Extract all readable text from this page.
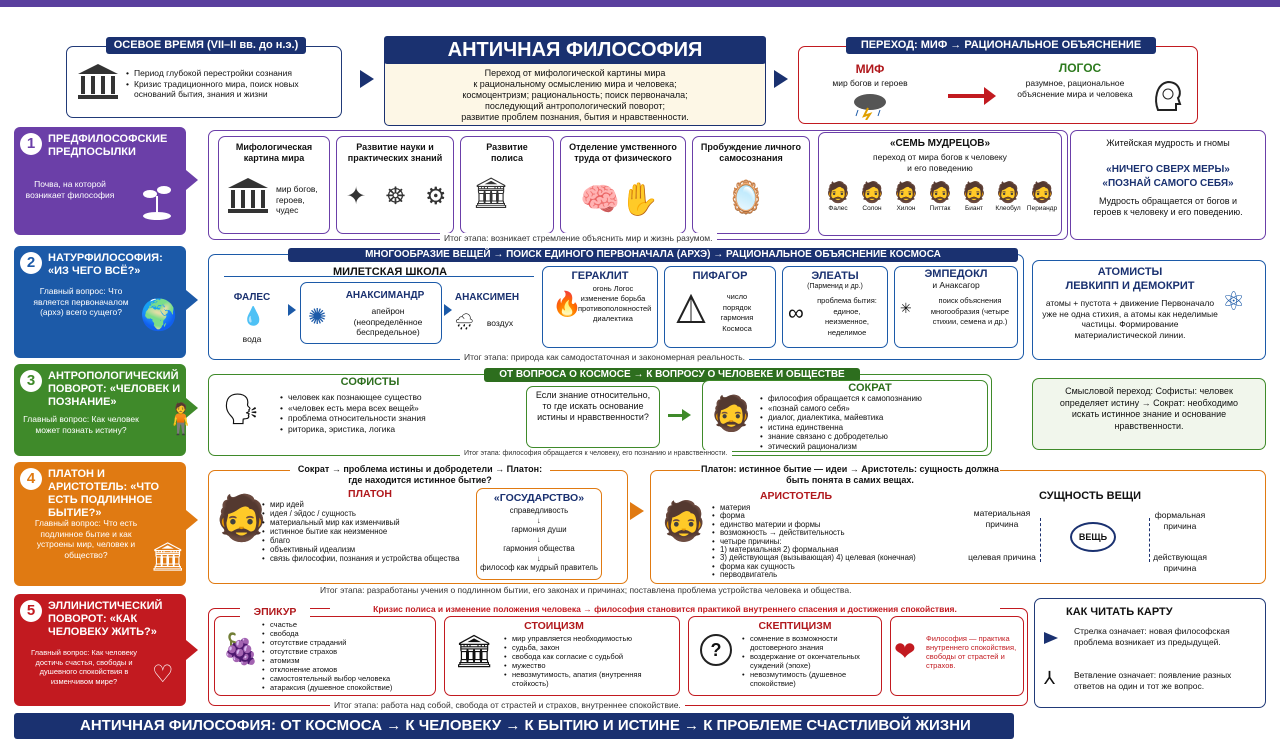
ОСЕВОЕ ВРЕМЯ (VII–II вв. до н.э.)
• Период глубокой перестройки сознания
• Кризис традиционного мира, поиск новых оснований бытия, знания и жизни
АНТИЧНАЯ ФИЛОСОФИЯ
Переход от мифологической картины мира
к рациональному осмыслению мира и человека;
космоцентризм; рациональность; поиск первоначала;
последующий антропологический поворот;
развитие проблем познания, бытия и нравственности.
ПЕРЕХОД: МИФ → РАЦИОНАЛЬНОЕ ОБЪЯСНЕНИЕ
МИФ
мир богов и героев
ЛОГОС
разумное, рациональное объяснение мира и человека
1	ПРЕДФИЛОСОФСКИЕ ПРЕДПОСЫЛКИ
Почва, на которой возникает философия
Мифологическая картина мира
мир богов, героев, чудес
Развитие науки и практических знаний
✦ ☸ ⚙
Развитие полиса
🏛
Отделение умственного труда от физического
🧠✋
Пробуждение личного самосознания
🪞
«СЕМЬ МУДРЕЦОВ»
переход от мира богов к человеку и его поведению
🧔
Фалес
🧔
Солон
🧔
Хилон
🧔
Питтак
🧔
Биант
🧔
Клеобул
🧔
Периандр
Житейская мудрость и гномы
«НИЧЕГО СВЕРХ МЕРЫ»
«ПОЗНАЙ САМОГО СЕБЯ»
Мудрость обращается от богов и героев к человеку и его поведению.
Итог этапа: возникает стремление объяснить мир и жизнь разумом.
2	НАТУРФИЛОСОФИЯ: «ИЗ ЧЕГО ВСЁ?»
Главный вопрос: Что является первоначалом (архэ) всего сущего? 🌍
МНОГООБРАЗИЕ ВЕЩЕЙ → ПОИСК ЕДИНОГО ПЕРВОНАЧАЛА (АРХЭ) → РАЦИОНАЛЬНОЕ ОБЪЯСНЕНИЕ КОСМОСА
МИЛЕТСКАЯ ШКОЛА
ФАЛЕС
💧
вода
АНАКСИМАНДР
✺	апейрон (неопределённое беспредельное)
АНАКСИМЕН
🌧	воздух
ГЕРАКЛИТ
🔥
огонь Логос изменение борьба противоположностей диалектика
ПИФАГОР
число порядок гармония Космоса
ЭЛЕАТЫ
(Парменид и др.)
∞	проблема бытия: единое, неизменное, неделимое
ЭМПЕДОКЛ
и Анаксагор
✳	поиск объяснения многообразия (четыре стихии, семена и др.)
АТОМИСТЫ
ЛЕВКИПП И ДЕМОКРИТ
атомы + пустота + движение Первоначало уже не одна стихия, а атомы как неделимые частицы. Формирование материалистической линии.
⚛
Итог этапа: природа как самодостаточная и закономерная реальность.
3	АНТРОПОЛОГИЧЕСКИЙ ПОВОРОТ: «ЧЕЛОВЕК И ПОЗНАНИЕ»
Главный вопрос: Как человек может познать истину?	🧍
ОТ ВОПРОСА О КОСМОСЕ → К ВОПРОСУ О ЧЕЛОВЕКЕ И ОБЩЕСТВЕ
🗣
СОФИСТЫ
• человек как познающее существо
• «человек есть мера всех вещей»
• проблема относительности знания
• риторика, эристика, логика
Если знание относительно, то где искать основание истины и нравственности?
СОКРАТ
🧔	• философия обращается к самопознанию
• «познай самого себя»
• диалог, диалектика, майевтика
• истина единственна
• знание связано с добродетелью
• этический рационализм
Смысловой переход: Софисты: человек определяет истину → Сократ: необходимо искать истинное знание и основание нравственности.
Итог этапа: философия обращается к человеку, его познанию и нравственности.
4	ПЛАТОН И АРИСТОТЕЛЬ: «ЧТО ЕСТЬ ПОДЛИННОЕ БЫТИЕ?»
Главный вопрос: Что есть подлинное бытие и как устроены мир, человек и общество?	🏛
Сократ → проблема истины и добродетели → Платон: где находится истинное бытие?
🧔	ПЛАТОН
• мир идей
• идея / эйдос / сущность
• материальный мир как изменчивый
• истинное бытие как неизменное
• благо
• объективный идеализм
• связь философии, познания и устройства общества
«ГОСУДАРСТВО»
справедливость
↓
гармония души
↓
гармония общества
↓
философ как мудрый правитель
Платон: истинное бытие — идеи → Аристотель: сущность должна быть понята в самих вещах.
🧔
АРИСТОТЕЛЬ
• материя
• форма
• единство материи и формы
• возможность → действительность
• четыре причины:
• 1) материальная 2) формальная
• 3) действующая (вызывающая) 4) целевая (конечная)
• форма как сущность
• перводвигатель
СУЩНОСТЬ ВЕЩИ
ВЕЩЬ
материальная причина
формальная причина
целевая причина	действующая причина
Итог этапа: разработаны учения о подлинном бытии, его законах и причинах; поставлена проблема устройства человека и общества.
5	ЭЛЛИНИСТИЧЕСКИЙ ПОВОРОТ: «КАК ЧЕЛОВЕКУ ЖИТЬ?»
Главный вопрос: Как человеку достичь счастья, свободы и душевного спокойствия в изменчивом мире?	♡
Кризис полиса и изменение положения человека → философия становится практикой внутреннего спасения и достижения спокойствия.
ЭПИКУР
🍇
• счастье
• свобода
• отсутствие страданий
• отсутствие страхов
• атомизм
• отклонение атомов
• самостоятельный выбор человека
• атараксия (душевное спокойствие)
СТОИЦИЗМ
🏛	• мир управляется необходимостью
• судьба, закон
• свобода как согласие с судьбой
• мужество
• невозмутимость, апатия (внутренняя стойкость)
СКЕПТИЦИЗМ
?
• сомнение в возможности достоверного знания
• воздержание от окончательных суждений (эпохе)
• невозмутимость (душевное спокойствие)
❤ Философия — практика внутреннего спокойствия, свободы от страстей и страхов.
Итог этапа: работа над собой, свобода от страстей и страхов, внутреннее спокойствие.
КАК ЧИТАТЬ КАРТУ
Стрелка означает: новая философская проблема возникает из предыдущей.
⅄ Ветвление означает: появление разных ответов на один и тот же вопрос.
АНТИЧНАЯ ФИЛОСОФИЯ: ОТ КОСМОСА → К ЧЕЛОВЕКУ → К БЫТИЮ И ИСТИНЕ → К ПРОБЛЕМЕ СЧАСТЛИВОЙ ЖИЗНИ
